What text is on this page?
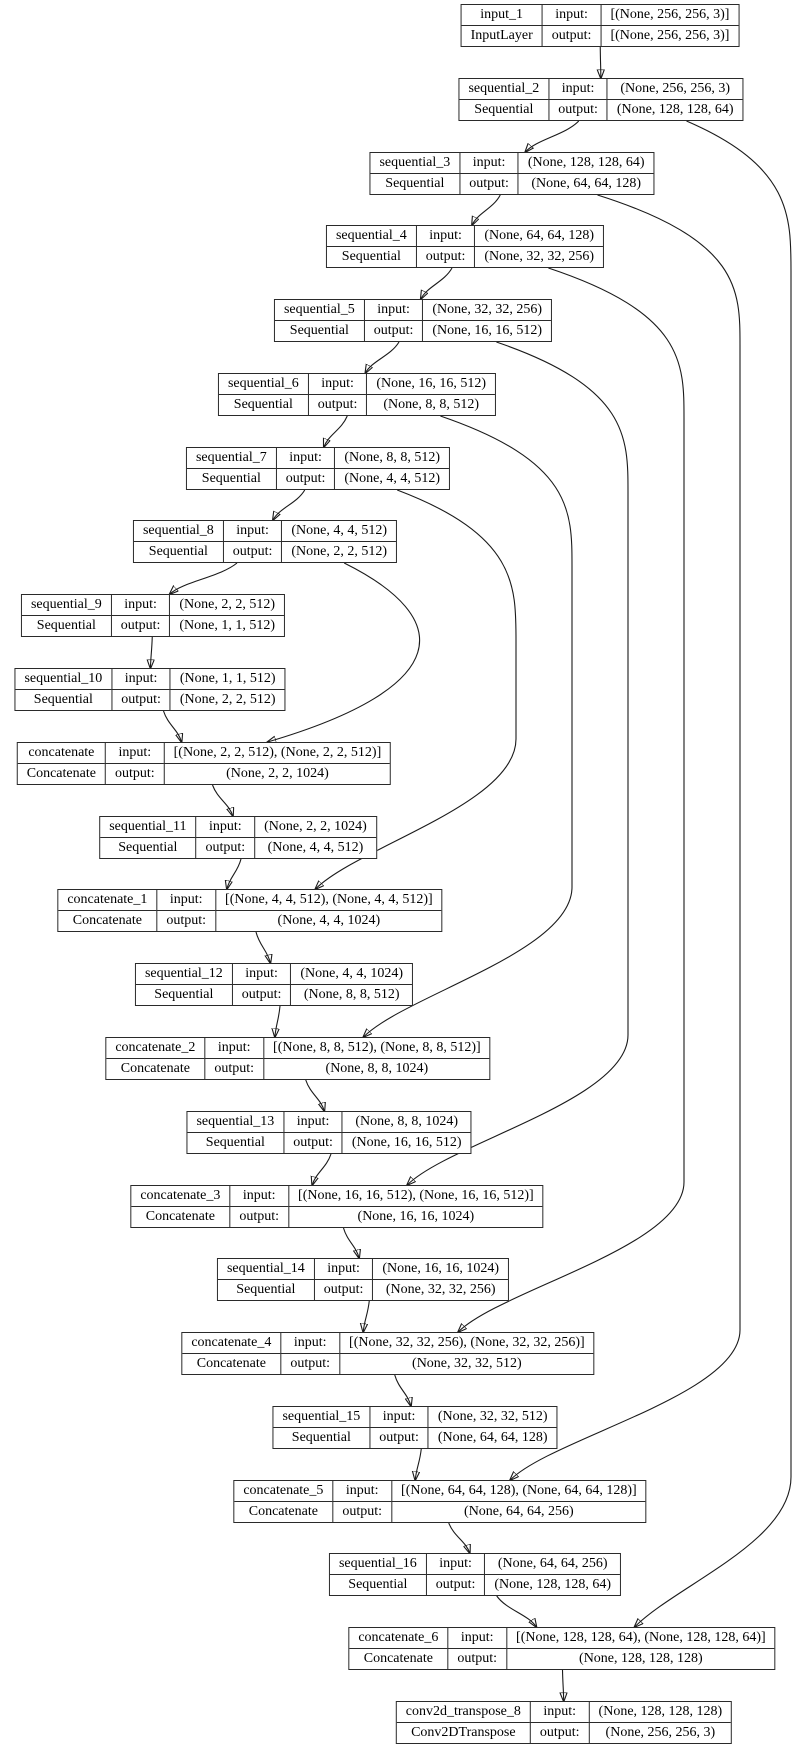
input_1	input:	[(None, 256, 256, 3)]
InputLayer	output:	[(None, 256, 256, 3)]
sequential_2	input:	(None, 256, 256, 3)
Sequential	output:	(None, 128, 128, 64)
sequential_3	input:	(None, 128, 128, 64)
Sequential	output:	(None, 64, 64, 128)
sequential_4	input:	(None, 64, 64, 128)
Sequential	output:	(None, 32, 32, 256)
sequential_5	input:	(None, 32, 32, 256)
Sequential	output:	(None, 16, 16, 512)
sequential_6	input:	(None, 16, 16, 512)
Sequential	output:	(None, 8, 8, 512)
sequential_7	input:	(None, 8, 8, 512)
Sequential	output:	(None, 4, 4, 512)
sequential_8	input:	(None, 4, 4, 512)
Sequential	output:	(None, 2, 2, 512)
sequential_9	input:	(None, 2, 2, 512)
Sequential	output:	(None, 1, 1, 512)
sequential_10	input:	(None, 1, 1, 512)
Sequential	output:	(None, 2, 2, 512)
concatenate	input:	[(None, 2, 2, 512), (None, 2, 2, 512)]
Concatenate	output:	(None, 2, 2, 1024)
sequential_11	input:	(None, 2, 2, 1024)
Sequential	output:	(None, 4, 4, 512)
concatenate_1	input:	[(None, 4, 4, 512), (None, 4, 4, 512)]
Concatenate	output:	(None, 4, 4, 1024)
sequential_12	input:	(None, 4, 4, 1024)
Sequential	output:	(None, 8, 8, 512)
concatenate_2	input:	[(None, 8, 8, 512), (None, 8, 8, 512)]
Concatenate	output:	(None, 8, 8, 1024)
sequential_13	input:	(None, 8, 8, 1024)
Sequential	output:	(None, 16, 16, 512)
concatenate_3	input:	[(None, 16, 16, 512), (None, 16, 16, 512)]
Concatenate	output:	(None, 16, 16, 1024)
sequential_14	input:	(None, 16, 16, 1024)
Sequential	output:	(None, 32, 32, 256)
concatenate_4	input:	[(None, 32, 32, 256), (None, 32, 32, 256)]
Concatenate	output:	(None, 32, 32, 512)
sequential_15	input:	(None, 32, 32, 512)
Sequential	output:	(None, 64, 64, 128)
concatenate_5	input:	[(None, 64, 64, 128), (None, 64, 64, 128)]
Concatenate	output:	(None, 64, 64, 256)
sequential_16	input:	(None, 64, 64, 256)
Sequential	output:	(None, 128, 128, 64)
concatenate_6	input:	[(None, 128, 128, 64), (None, 128, 128, 64)]
Concatenate	output:	(None, 128, 128, 128)
conv2d_transpose_8	input:	(None, 128, 128, 128)
Conv2DTranspose	output:	(None, 256, 256, 3)
